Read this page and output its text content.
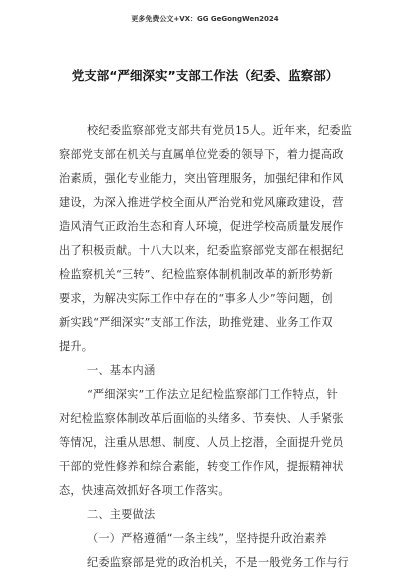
更多免费公文+VX：GG GeGongWen2024
党支部“严细深实”支部工作法（纪委、监察部）
校纪委监察部党支部共有党员15人。近年来，纪委监
察部党支部在机关与直属单位党委的领导下，着力提高政
治素质，强化专业能力，突出管理服务，加强纪律和作风
建设，为深入推进学校全面从严治党和党风廉政建设，营
造风清气正政治生态和育人环境，促进学校高质量发展作
出了积极贡献。十八大以来，纪委监察部党支部在根据纪
检监察机关“三转”、纪检监察体制机制改革的新形势新
要求，为解决实际工作中存在的“事多人少”等问题，创
新实践“严细深实”支部工作法，助推党建、业务工作双
提升。
一、基本内涵
“严细深实”工作法立足纪检监察部门工作特点，针
对纪检监察体制改革后面临的头绪多、节奏快、人手紧张
等情况，注重从思想、制度、人员上挖潜，全面提升党员
干部的党性修养和综合素能，转变工作作风，提振精神状
态，快速高效抓好各项工作落实。
二、主要做法
（一）严格遵循“一条主线”，坚持提升政治素养
纪委监察部是党的政治机关，不是一般党务工作与行
